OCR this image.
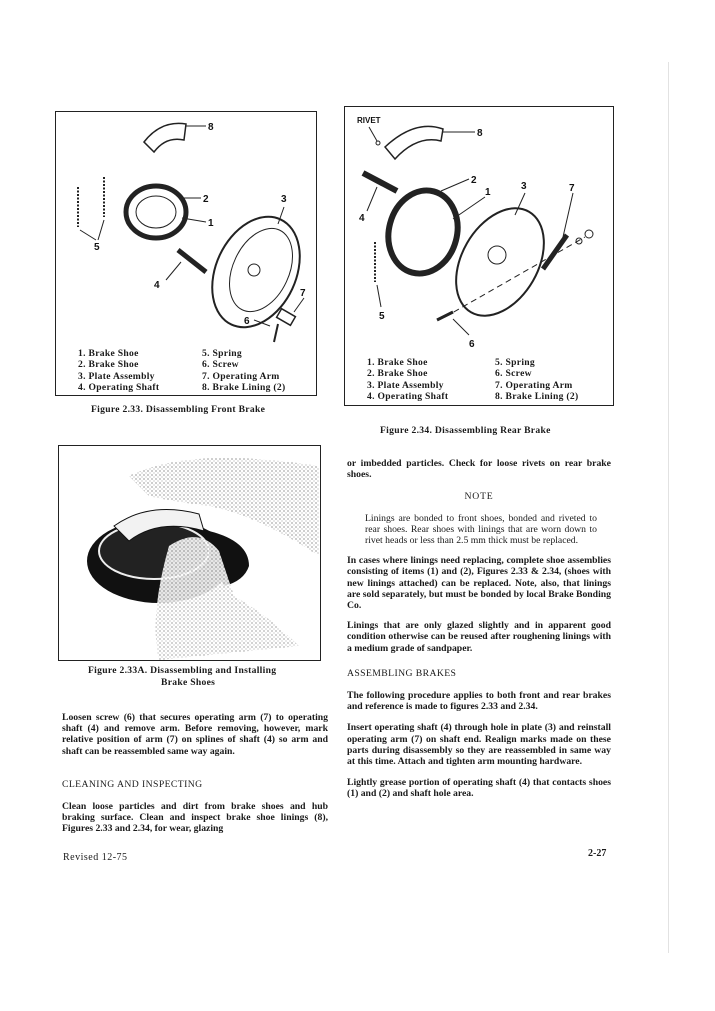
8
5
2
1
3
4
7
6
1. Brake Shoe
2. Brake Shoe
3. Plate Assembly
4. Operating Shaft
5. Spring
6. Screw
7. Operating Arm
8. Brake Lining (2)
Figure 2.33. Disassembling Front Brake
RIVET
8
4
2
1
3
5
7
6
1. Brake Shoe
2. Brake Shoe
3. Plate Assembly
4. Operating Shaft
5. Spring
6. Screw
7. Operating Arm
8. Brake Lining (2)
Figure 2.34. Disassembling Rear Brake
Figure 2.33A. Disassembling and Installing
Brake Shoes

Loosen screw (6) that secures operating arm (7) to operating shaft (4) and remove arm. Before removing, however, mark relative position of arm (7) on splines of shaft (4) so arm and shaft can be reassembled same way again.

CLEANING AND INSPECTING

Clean loose particles and dirt from brake shoes and hub braking surface. Clean and inspect brake shoe linings (8), Figures 2.33 and 2.34, for wear, glazing

or imbedded particles. Check for loose rivets on rear brake shoes.

NOTE

Linings are bonded to front shoes, bonded and riveted to rear shoes. Rear shoes with linings that are worn down to rivet heads or less than 2.5 mm thick must be replaced.

In cases where linings need replacing, complete shoe assemblies consisting of items (1) and (2), Figures 2.33 & 2.34, (shoes with new linings attached) can be replaced. Note, also, that linings are sold separately, but must be bonded by local Brake Bonding Co.

Linings that are only glazed slightly and in apparent good condition otherwise can be reused after roughening linings with a medium grade of sandpaper.

ASSEMBLING BRAKES

The following procedure applies to both front and rear brakes and reference is made to figures 2.33 and 2.34.

Insert operating shaft (4) through hole in plate (3) and reinstall operating arm (7) on shaft end. Realign marks made on these parts during disassembly so they are reassembled in same way at this time. Attach and tighten arm mounting hardware.

Lightly grease portion of operating shaft (4) that contacts shoes (1) and (2) and shaft hole area.

Revised 12-75	2-27
